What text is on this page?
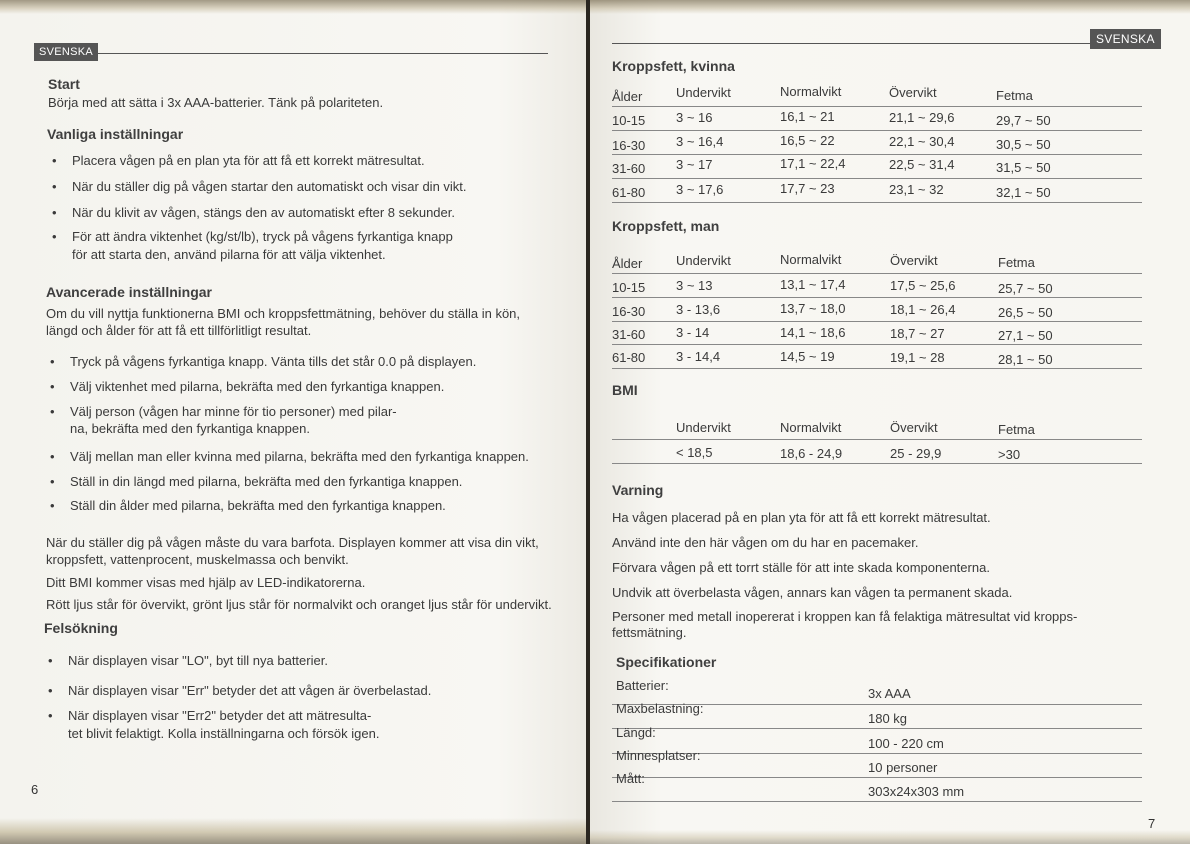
SVENSKA
Start
Börja med att sätta i 3x AAA-batterier. Tänk på polariteten.
Vanliga inställningar
• Placera vågen på en plan yta för att få ett korrekt mätresultat.
• När du ställer dig på vågen startar den automatiskt och visar din vikt.
• När du klivit av vågen, stängs den av automatiskt efter 8 sekunder.
• För att ändra viktenhet (kg/st/lb), tryck på vågens fyrkantiga knapp
för att starta den, använd pilarna för att välja viktenhet.
Avancerade inställningar
Om du vill nyttja funktionerna BMI och kroppsfettmätning, behöver du ställa in kön,
längd och ålder för att få ett tillförlitligt resultat.
• Tryck på vågens fyrkantiga knapp. Vänta tills det står 0.0 på displayen.
• Välj viktenhet med pilarna, bekräfta med den fyrkantiga knappen.
• Välj person (vågen har minne för tio personer) med pilar-
na, bekräfta med den fyrkantiga knappen.
• Välj mellan man eller kvinna med pilarna, bekräfta med den fyrkantiga knappen.
• Ställ in din längd med pilarna, bekräfta med den fyrkantiga knappen.
• Ställ din ålder med pilarna, bekräfta med den fyrkantiga knappen.
När du ställer dig på vågen måste du vara barfota. Displayen kommer att visa din vikt,
kroppsfett, vattenprocent, muskelmassa och benvikt.
Ditt BMI kommer visas med hjälp av LED-indikatorerna.
Rött ljus står för övervikt, grönt ljus står för normalvikt och oranget ljus står för undervikt.
Felsökning
• När displayen visar "LO", byt till nya batterier.
• När displayen visar "Err" betyder det att vågen är överbelastad.
• När displayen visar "Err2" betyder det att mätresulta-
tet blivit felaktigt. Kolla inställningarna och försök igen.
6
SVENSKA
Kroppsfett, kvinna
Ålder	Undervikt	Normalvikt	Övervikt	Fetma
10-15 3 ~ 16	16,1 ~ 21	21,1 ~ 29,6	29,7 ~ 50
16-30 3 ~ 16,4	16,5 ~ 22	22,1 ~ 30,4	30,5 ~ 50
31-60 3 ~ 17	17,1 ~ 22,4	22,5 ~ 31,4	31,5 ~ 50
61-80 3 ~ 17,6	17,7 ~ 23	23,1 ~ 32	32,1 ~ 50
Kroppsfett, man
Ålder	Undervikt	Normalvikt	Övervikt	Fetma
10-15 3 ~ 13	13,1 ~ 17,4	17,5 ~ 25,6	25,7 ~ 50
16-30 3 - 13,6	13,7 ~ 18,0	18,1 ~ 26,4	26,5 ~ 50
31-60 3 - 14	14,1 ~ 18,6	18,7 ~ 27	27,1 ~ 50
61-80 3 - 14,4	14,5 ~ 19	19,1 ~ 28	28,1 ~ 50
BMI
Undervikt	Normalvikt	Övervikt	Fetma
< 18,5	18,6 - 24,9	25 - 29,9	>30
Varning
Ha vågen placerad på en plan yta för att få ett korrekt mätresultat.
Använd inte den här vågen om du har en pacemaker.
Förvara vågen på ett torrt ställe för att inte skada komponenterna.
Undvik att överbelasta vågen, annars kan vågen ta permanent skada.
Personer med metall inopererat i kroppen kan få felaktiga mätresultat vid kropps-
fettsmätning.
Specifikationer
Batterier:
3x AAA
Maxbelastning:
180 kg
Längd:
100 - 220 cm
Minnesplatser:
10 personer
Mått:
303x24x303 mm
7
